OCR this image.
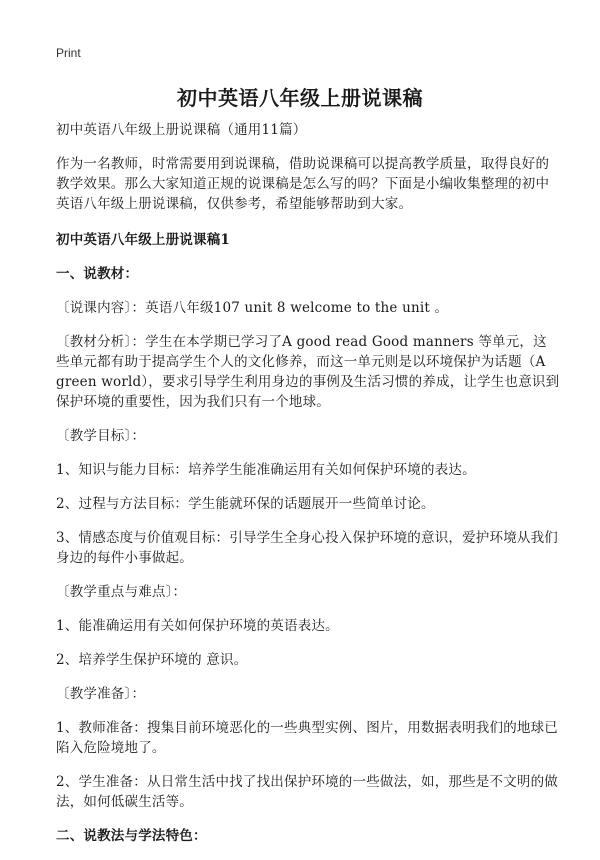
Print
初中英语八年级上册说课稿

初中英语八年级上册说课稿（通用11篇）

作为一名教师，时常需要用到说课稿，借助说课稿可以提高教学质量，取得良好的教学效果。那么大家知道正规的说课稿是怎么写的吗？下面是小编收集整理的初中英语八年级上册说课稿，仅供参考，希望能够帮助到大家。

初中英语八年级上册说课稿1

一、说教材：

〔说课内容〕：英语八年级107 unit 8 welcome to the unit 。

〔教材分析〕：学生在本学期已学习了A good read Good manners 等单元，这些单元都有助于提高学生个人的文化修养，而这一单元则是以环境保护为话题（A green world），要求引导学生利用身边的事例及生活习惯的养成，让学生也意识到保护环境的重要性，因为我们只有一个地球。

〔教学目标〕：

1、知识与能力目标：培养学生能准确运用有关如何保护环境的表达。

2、过程与方法目标：学生能就环保的话题展开一些简单讨论。

3、情感态度与价值观目标：引导学生全身心投入保护环境的意识，爱护环境从我们身边的每件小事做起。

〔教学重点与难点〕：

1、能准确运用有关如何保护环境的英语表达。

2、培养学生保护环境的 意识。

〔教学准备〕：

1、教师准备：搜集目前环境恶化的一些典型实例、图片，用数据表明我们的地球已陷入危险境地了。

2、学生准备：从日常生活中找了找出保护环境的一些做法，如，那些是不文明的做法，如何低碳生活等。

二、说教法与学法特色：
